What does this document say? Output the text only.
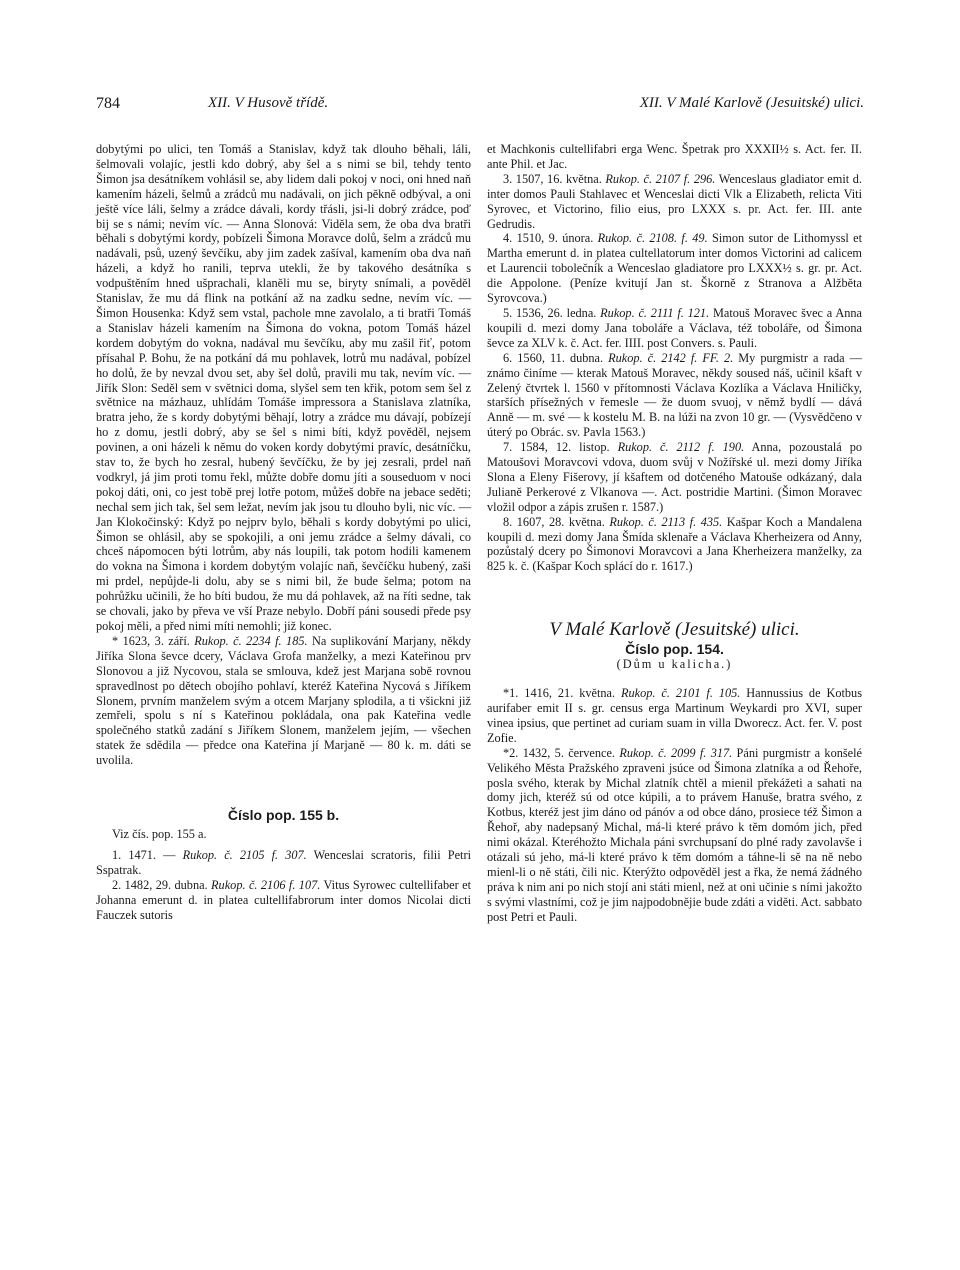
784	XII. V Husově třídě.	XII. V Malé Karlově (Jesuitské) ulici.

dobytými po ulici, ten Tomáš a Stanislav, když tak dlouho běhali, láli, šelmovali volajíc, jestli kdo dobrý, aby šel a s nimi se bil, tehdy tento Šimon jsa desátníkem vohlásil se, aby lidem dali pokoj v noci, oni hned naň kamením házeli, šelmů a zrádců mu nadávali, on jich pěkně odbýval, a oni ještě více láli, šelmy a zrádce dávali, kordy třásli, jsi-li dobrý zrádce, poď bij se s námi; nevím víc. — Anna Slonová: Viděla sem, že oba dva bratři běhali s dobytými kordy, pobízeli Šimona Moravce dolů, šelm a zrádců mu nadávali, psů, uzený ševčíku, aby jim zadek zašíval, kamením oba dva naň házeli, a když ho ranili, teprva utekli, že by takového desátníka s vodpuštěním hned ušprachali, klaněli mu se, biryty snímali, a pověděl Stanislav, že mu dá flink na potkání až na zadku sedne, nevím víc. — Šimon Housenka: Když sem vstal, pachole mne zavolalo, a ti bratři Tomáš a Stanislav házeli kamením na Šimona do vokna, potom Tomáš házel kordem dobytým do vokna, nadával mu ševčíku, aby mu zašil řiť, potom přísahal P. Bohu, že na potkání dá mu pohlavek, lotrů mu nadával, pobízel ho dolů, že by nevzal dvou set, aby šel dolů, pravili mu tak, nevím víc. — Jiřík Slon: Seděl sem v světnici doma, slyšel sem ten křik, potom sem šel z světnice na mázhauz, uhlídám Tomáše impressora a Stanislava zlatníka, bratra jeho, že s kordy dobytými běhají, lotry a zrádce mu dávají, pobízejí ho z domu, jestli dobrý, aby se šel s nimi bíti, když pověděl, nejsem povinen, a oni házeli k němu do voken kordy dobytými pravíc, desátníčku, stav to, že bych ho zesral, hubený ševčíčku, že by jej zesrali, prdel naň vodkryl, já jim proti tomu řekl, můžte dobře domu jíti a souseduom v noci pokoj dáti, oni, co jest tobě prej lotře potom, můžeš dobře na jebace seděti; nechal sem jich tak, šel sem ležat, nevím jak jsou tu dlouho byli, nic víc. — Jan Klokočinský: Když po nejprv bylo, běhali s kordy dobytými po ulici, Šimon se ohlásil, aby se spokojili, a oni jemu zrádce a šelmy dávali, co chceš nápomocen býti lotrům, aby nás loupili, tak potom hodili kamenem do vokna na Šimona i kordem dobytým volajíc naň, ševčíčku hubený, zaši mi prdel, nepůjde-li dolu, aby se s nimi bil, že bude šelma; potom na pohrůžku učinili, že ho bíti budou, že mu dá pohlavek, až na říti sedne, tak se chovali, jako by převa ve vší Praze nebylo. Dobří páni sousedi přede psy pokoj měli, a před nimi míti nemohli; již konec.

* 1623, 3. září. Rukop. č. 2234 f. 185. Na suplikování Marjany, někdy Jiříka Slona ševce dcery, Václava Grofa manželky, a mezi Kateřinou prv Slonovou a již Nycovou, stala se smlouva, kdež jest Marjana sobě rovnou spravedlnost po dětech obojího pohlaví, kteréž Kateřina Nycová s Jiříkem Slonem, prvním manželem svým a otcem Marjany splodila, a ti všickni již zemřeli, spolu s ní s Kateřinou pokládala, ona pak Kateřina vedle společného statků zadání s Jiříkem Slonem, manželem jejím, — všechen statek že sdědila — předce ona Kateřina jí Marjaně — 80 k. m. dáti se uvolila.

Číslo pop. 155 b.

Viz čís. pop. 155 a.

1. 1471. — Rukop. č. 2105 f. 307. Wenceslai scratoris, filii Petri Sspatrak.

2. 1482, 29. dubna. Rukop. č. 2106 f. 107. Vitus Syrowec cultellifaber et Johanna emerunt d. in platea cultellifabrorum inter domos Nicolai dicti Fauczek sutoris

et Machkonis cultellifabri erga Wenc. Špetrak pro XXXII½ s. Act. fer. II. ante Phil. et Jac.

3. 1507, 16. května. Rukop. č. 2107 f. 296. Wenceslaus gladiator emit d. inter domos Pauli Stahlavec et Wenceslai dicti Vlk a Elizabeth, relicta Viti Syrovec, et Victorino, filio eius, pro LXXX s. pr. Act. fer. III. ante Gedrudis.

4. 1510, 9. února. Rukop. č. 2108. f. 49. Simon sutor de Lithomyssl et Martha emerunt d. in platea cultellatorum inter domos Victorini ad calicem et Laurencii toboleční́k a Wenceslao gladiatore pro LXXX½ s. gr. pr. Act. die Appolone. (Peníze kvitují Jan st. Škorně z Stranova a Alžběta Syrovcova.)

5. 1536, 26. ledna. Rukop. č. 2111 f. 121. Matouš Moravec švec a Anna koupili d. mezi domy Jana toboláře a Václava, též toboláře, od Šimona ševce za XLV k. č. Act. fer. IIII. post Convers. s. Pauli.

6. 1560, 11. dubna. Rukop. č. 2142 f. FF. 2. My purgmistr a rada — známo činíme — kterak Matouš Moravec, někdy soused náš, učinil kšaft v Zelený čtvrtek l. 1560 v přítomnosti Václava Kozlíka a Václava Hniličky, starších přísežných v řemesle — že duom svuoj, v němž bydlí — dává Anně — m. své — k kostelu M. B. na lúži na zvon 10 gr. — (Vysvědčeno v úterý po Obrác. sv. Pavla 1563.)

7. 1584, 12. listop. Rukop. č. 2112 f. 190. Anna, pozoustalá po Matoušovi Moravcovi vdova, duom svůj v Nožířské ul. mezi domy Jiříka Slona a Eleny Fišerovy, jí kšaftem od dotčeného Matouše odkázaný, dala Julianě Perkerové z Vlkanova —. Act. postridie Martini. (Šimon Moravec vložil odpor a zápis zrušen r. 1587.)

8. 1607, 28. května. Rukop. č. 2113 f. 435. Kašpar Koch a Mandalena koupili d. mezi domy Jana Šmída sklenaře a Václava Kherheizera od Anny, pozůstalý dcery po Šimonovi Moravcovi a Jana Kherheizera manželky, za 825 k. č. (Kašpar Koch splácí do r. 1617.)

V Malé Karlově (Jesuitské) ulici.

Číslo pop. 154.

(Dům u kalicha.)

*1. 1416, 21. května. Rukop. č. 2101 f. 105. Hannussius de Kotbus aurifaber emit II s. gr. census erga Martinum Weykardi pro XVI, super vinea ipsius, que pertinet ad curiam suam in villa Dworecz. Act. fer. V. post Zofie.

*2. 1432, 5. července. Rukop. č. 2099 f. 317. Páni purgmistr a konšelé Velikého Města Pražského zpraveni jsúce od Šimona zlatníka a od Řehoře, posla svého, kterak by Michal zlatník chtěl a mienil překážeti a sahati na domy jich, kteréž sú od otce kúpili, a to právem Hanuše, bratra svého, z Kotbus, kteréž jest jim dáno od pánóv a od obce dáno, prosiece též Šimon a Řehoř, aby nadepsaný Michal, má-li které právo k těm domóm jich, před nimi okázal. Kteréhožto Michala páni svrchupsaní do plné rady zavolavše i otázali sú jeho, má-li které právo k těm domóm a táhne-li sě na ně nebo mienl-li o ně státi, čili nic. Kterýžto odpověděl jest a řka, že nemá žádného práva k nim ani po nich stojí ani státi mienl, než at oni učinie s ními jakožto s svými vlastními, což je jim najpodobnějie bude zdáti a viděti. Act. sabbato post Petri et Pauli.
